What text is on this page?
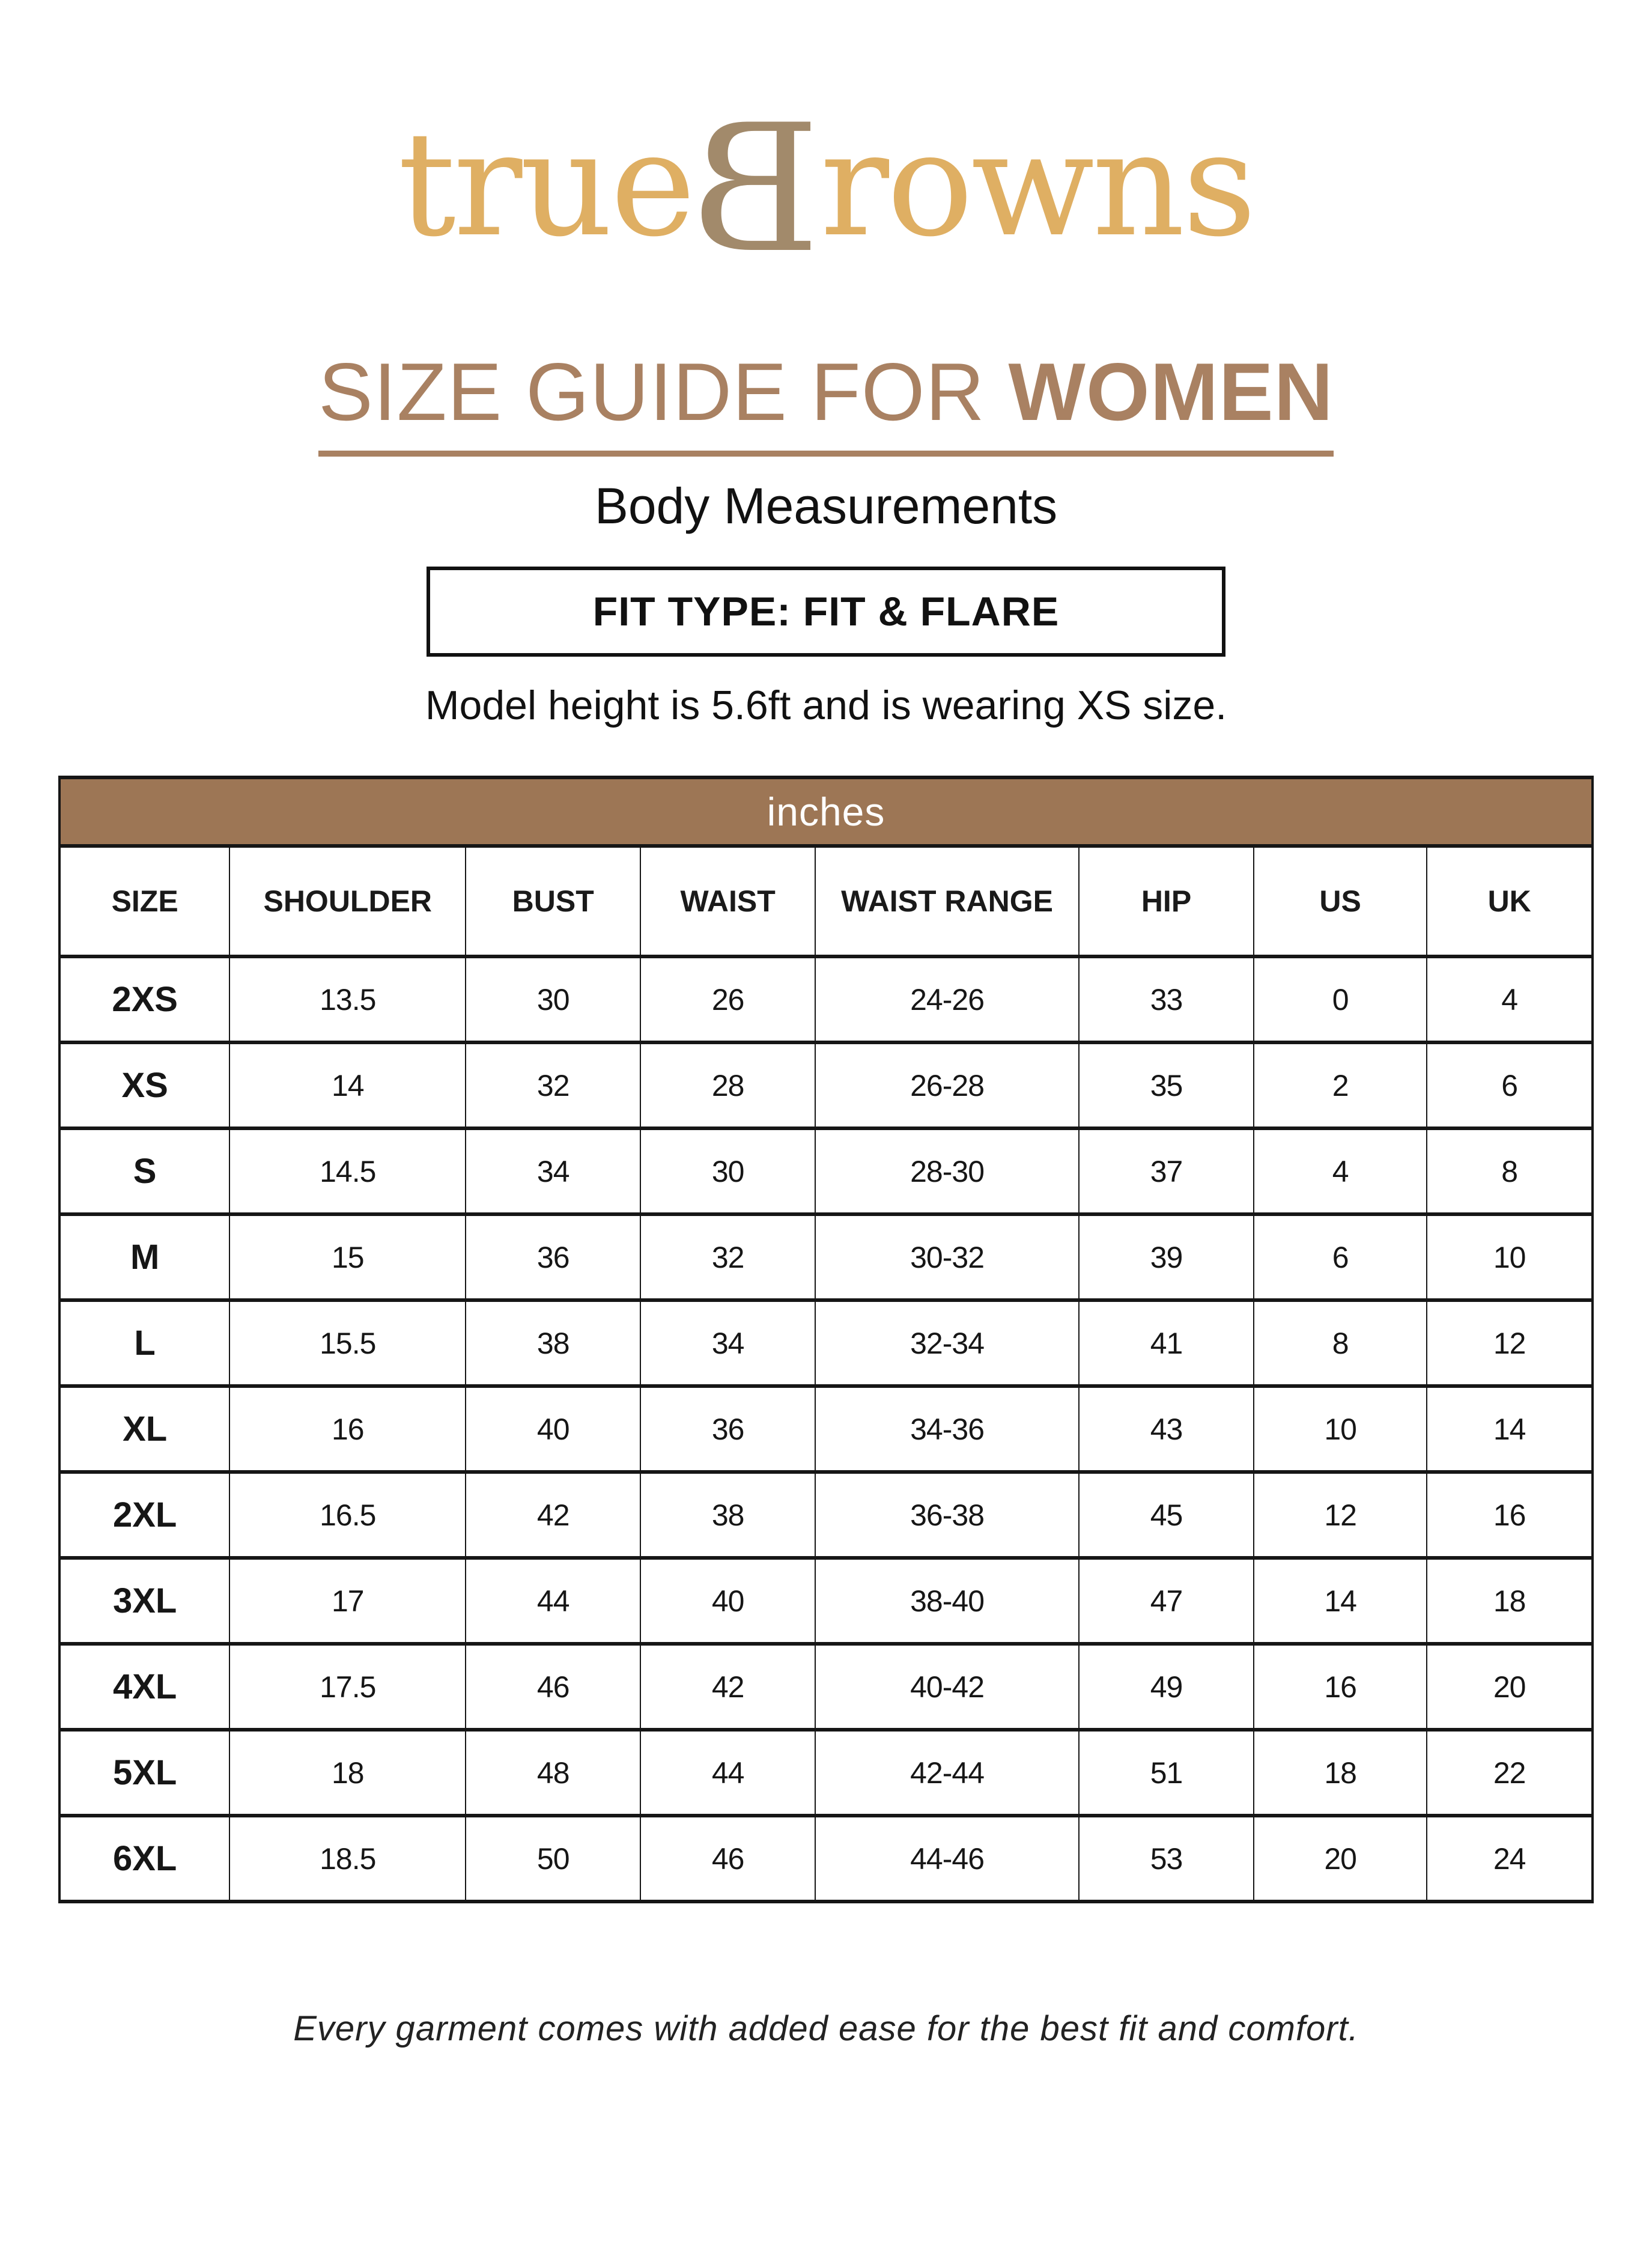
trueBrowns
SIZE GUIDE FOR WOMEN
Body Measurements
FIT TYPE: FIT & FLARE
Model height is 5.6ft and is wearing XS size.
inches							
SIZE	SHOULDER	BUST	WAIST	WAIST RANGE	HIP	US	UK
2XS	13.5	30	26	24-26	33	0	4
XS	14	32	28	26-28	35	2	6
S	14.5	34	30	28-30	37	4	8
M	15	36	32	30-32	39	6	10
L	15.5	38	34	32-34	41	8	12
XL	16	40	36	34-36	43	10	14
2XL	16.5	42	38	36-38	45	12	16
3XL	17	44	40	38-40	47	14	18
4XL	17.5	46	42	40-42	49	16	20
5XL	18	48	44	42-44	51	18	22
6XL	18.5	50	46	44-46	53	20	24
Every garment comes with added ease for the best fit and comfort.
